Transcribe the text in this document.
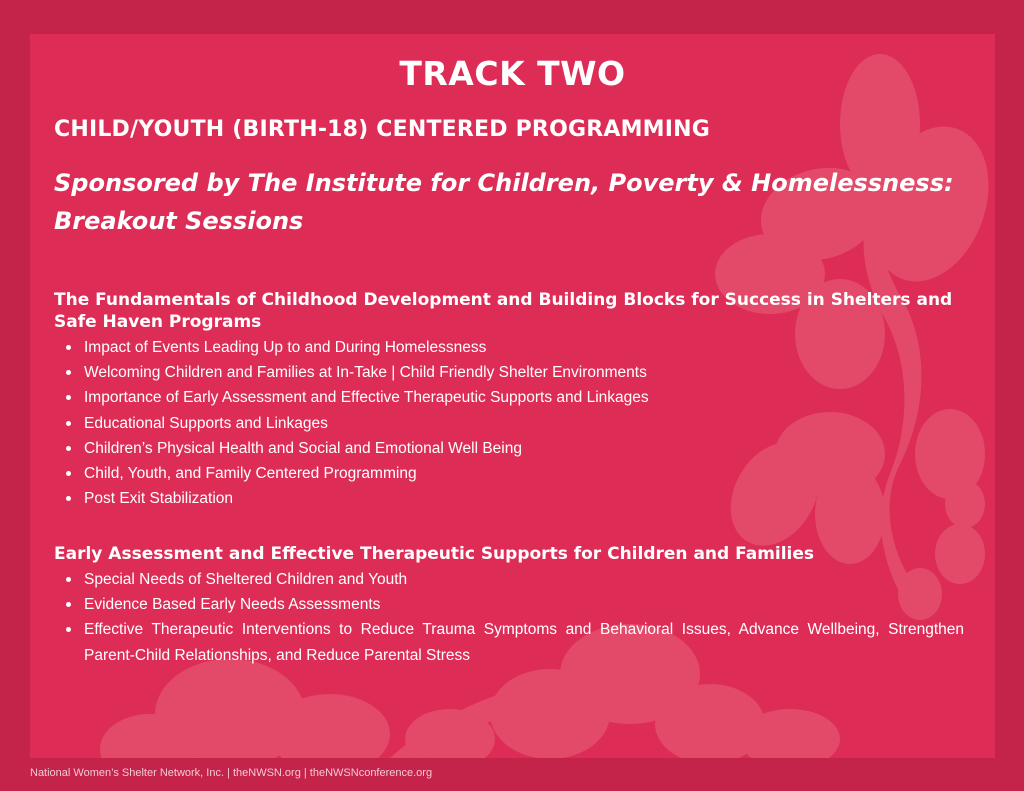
TRACK TWO
CHILD/YOUTH (BIRTH-18) CENTERED PROGRAMMING
Sponsored by The Institute for Children, Poverty & Homelessness:
Breakout Sessions

The Fundamentals of Childhood Development and Building Blocks for Success in Shelters and Safe Haven Programs

Impact of Events Leading Up to and During Homelessness
Welcoming Children and Families at In-Take | Child Friendly Shelter Environments
Importance of Early Assessment and Effective Therapeutic Supports and Linkages
Educational Supports and Linkages
Children’s Physical Health and Social and Emotional Well Being
Child, Youth, and Family Centered Programming
Post Exit Stabilization

Early Assessment and Effective Therapeutic Supports for Children and Families

Special Needs of Sheltered Children and Youth
Evidence Based Early Needs Assessments
Effective Therapeutic Interventions to Reduce Trauma Symptoms and Behavioral Issues, Advance Wellbeing, Strengthen Parent-Child Relationships, and Reduce Parental Stress

National Women’s Shelter Network, Inc. | theNWSN.org | theNWSNconference.org
